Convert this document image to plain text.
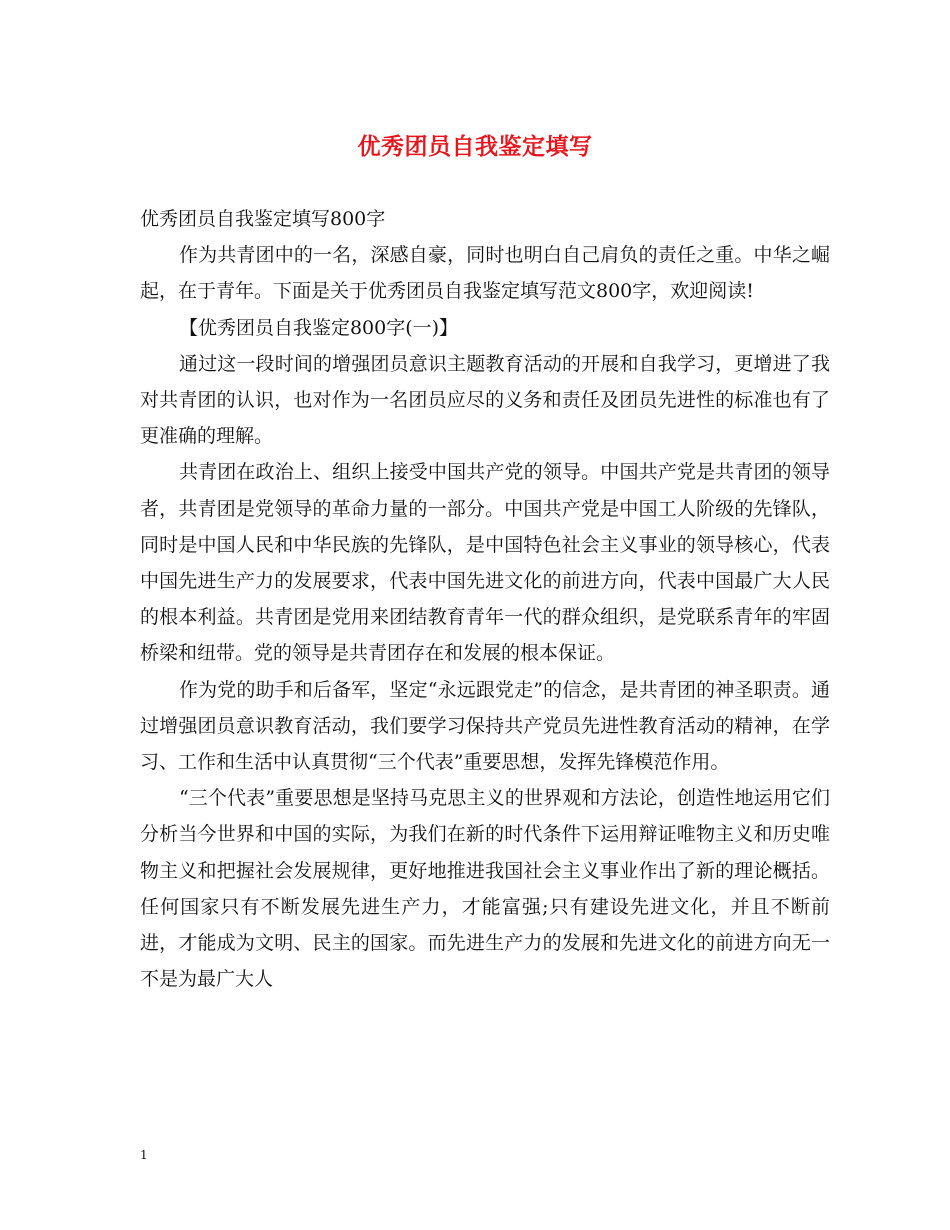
优秀团员自我鉴定填写

优秀团员自我鉴定填写800字

作为共青团中的一名，深感自豪，同时也明白自己肩负的责任之重。中华之崛起，在于青年。下面是关于优秀团员自我鉴定填写范文800字，欢迎阅读!

【优秀团员自我鉴定800字(一)】

通过这一段时间的增强团员意识主题教育活动的开展和自我学习，更增进了我对共青团的认识，也对作为一名团员应尽的义务和责任及团员先进性的标准也有了更准确的理解。

共青团在政治上、组织上接受中国共产党的领导。中国共产党是共青团的领导者，共青团是党领导的革命力量的一部分。中国共产党是中国工人阶级的先锋队，同时是中国人民和中华民族的先锋队，是中国特色社会主义事业的领导核心，代表中国先进生产力的发展要求，代表中国先进文化的前进方向，代表中国最广大人民的根本利益。共青团是党用来团结教育青年一代的群众组织，是党联系青年的牢固桥梁和纽带。党的领导是共青团存在和发展的根本保证。

作为党的助手和后备军，坚定“永远跟党走”的信念，是共青团的神圣职责。通过增强团员意识教育活动，我们要学习保持共产党员先进性教育活动的精神，在学习、工作和生活中认真贯彻“三个代表”重要思想，发挥先锋模范作用。

“三个代表”重要思想是坚持马克思主义的世界观和方法论，创造性地运用它们分析当今世界和中国的实际，为我们在新的时代条件下运用辩证唯物主义和历史唯物主义和把握社会发展规律，更好地推进我国社会主义事业作出了新的理论概括。任何国家只有不断发展先进生产力，才能富强;只有建设先进文化，并且不断前进，才能成为文明、民主的国家。而先进生产力的发展和先进文化的前进方向无一不是为最广大人

1
